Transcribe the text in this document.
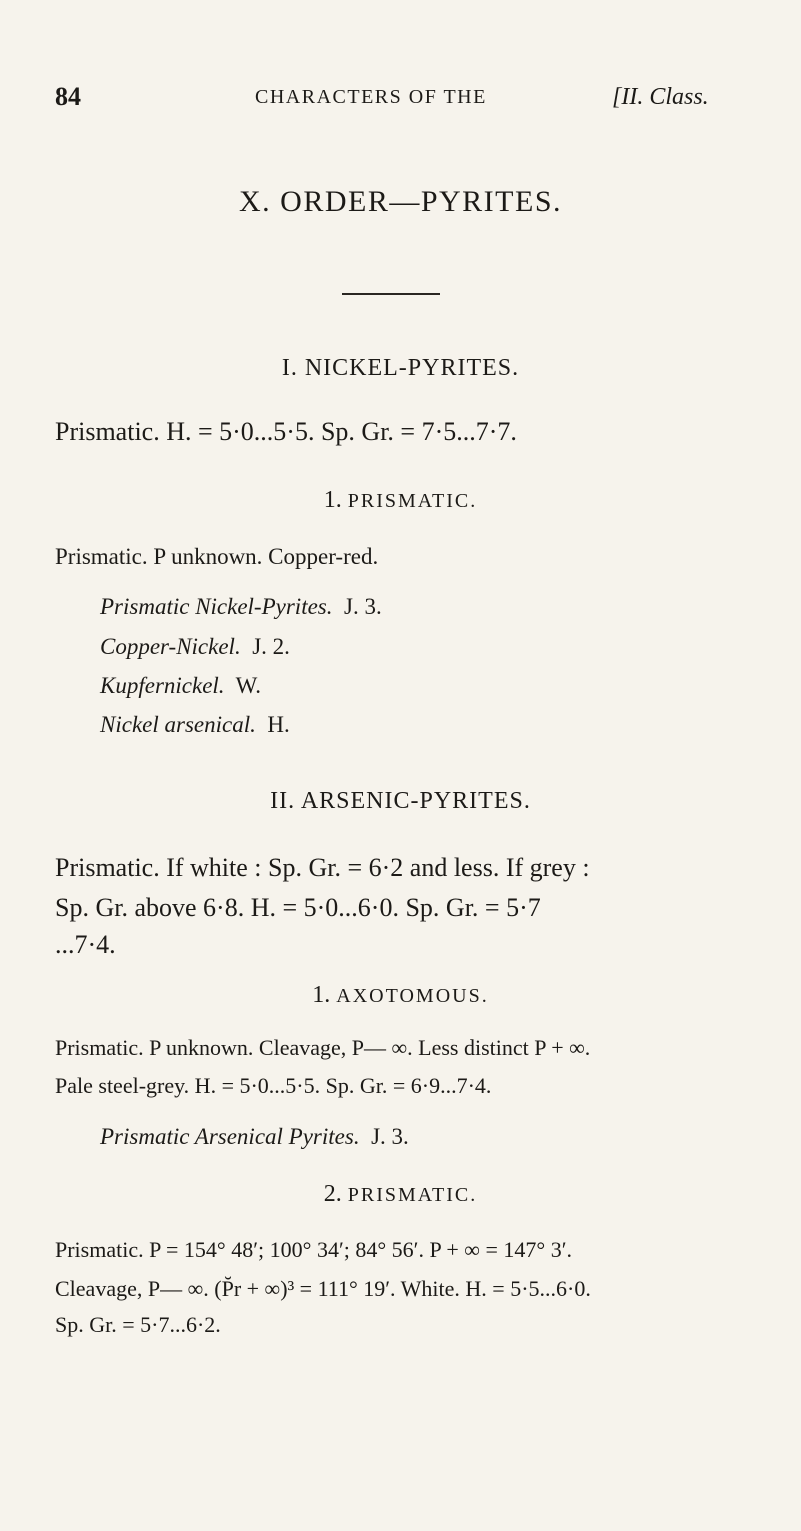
84	CHARACTERS OF THE	[II. Class.
X. ORDER—PYRITES.
I. NICKEL-PYRITES.
Prismatic. H. = 5·0...5·5. Sp. Gr. = 7·5...7·7.
1. PRISMATIC.
Prismatic. P unknown. Copper-red.
Prismatic Nickel-Pyrites. J. 3.
Copper-Nickel. J. 2.
Kupfernickel. W.
Nickel arsenical. H.
II. ARSENIC-PYRITES.
Prismatic. If white : Sp. Gr. = 6·2 and less. If grey :
Sp. Gr. above 6·8. H. = 5·0...6·0. Sp. Gr. = 5·7
...7·4.
1. AXOTOMOUS.
Prismatic. P unknown. Cleavage, P— ∞. Less distinct P + ∞.
Pale steel-grey. H. = 5·0...5·5. Sp. Gr. = 6·9...7·4.
Prismatic Arsenical Pyrites. J. 3.
2. PRISMATIC.
Prismatic. P = 154° 48′; 100° 34′; 84° 56′. P + ∞ = 147° 3′.
Cleavage, P— ∞. (P̆r + ∞)³ = 111° 19′. White. H. = 5·5...6·0.
Sp. Gr. = 5·7...6·2.
